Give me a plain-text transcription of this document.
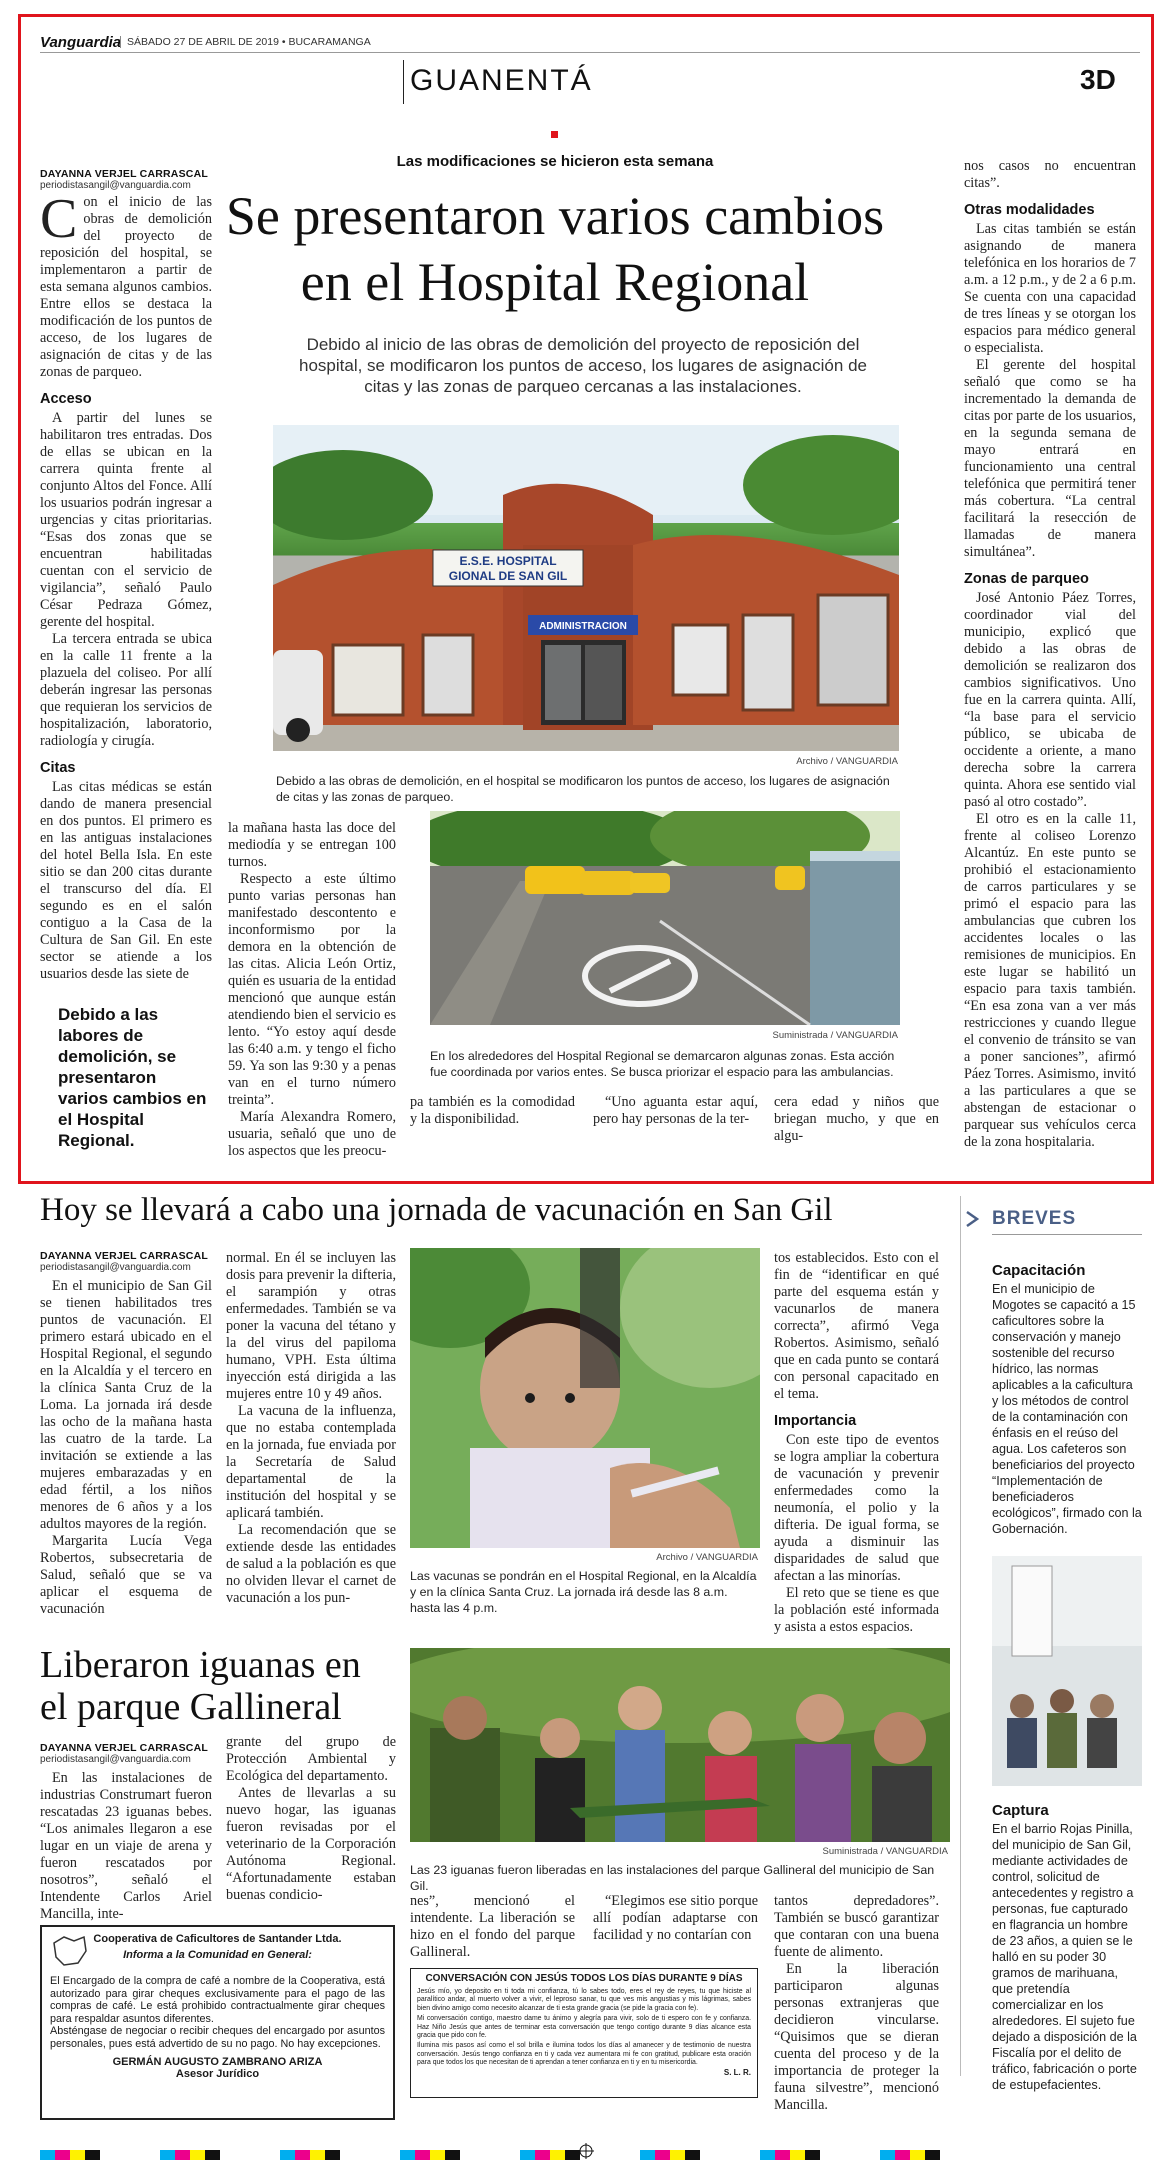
Vanguardia SÁBADO 27 DE ABRIL DE 2019 • BUCARAMANGA
GUANENTÁ	3D
Las modificaciones se hicieron esta semana
Se presentaron varios cambios
en el Hospital Regional
Debido al inicio de las obras de demolición del proyecto de reposición del hospital, se modificaron los puntos de acceso, los lugares de asignación de citas y las zonas de parqueo cercanas a las instalaciones.
DAYANNA VERJEL CARRASCAL
periodistasangil@vanguardia.com

Con el inicio de las obras de demolición del proyecto de reposición del hospital, se implementaron a partir de esta semana algunos cambios. Entre ellos se destaca la modificación de los puntos de acceso, de los lugares de asignación de citas y de las zonas de parqueo.

Acceso

A partir del lunes se habilitaron tres entradas. Dos de ellas se ubican en la carrera quinta frente al conjunto Altos del Fonce. Allí los usuarios podrán ingresar a urgencias y citas prioritarias. “Esas dos zonas que se encuentran habilitadas cuentan con el servicio de vigilancia”, señaló Paulo César Pedraza Gómez, gerente del hospital.

La tercera entrada se ubica en la calle 11 frente a la plazuela del coliseo. Por allí deberán ingresar las personas que requieran los servicios de hospitalización, laboratorio, radiología y cirugía.

Citas

Las citas médicas se están dando de manera presencial en dos puntos. El primero es en las antiguas instalaciones del hotel Bella Isla. En este sitio se dan 200 citas durante el transcurso del día. El segundo es en el salón contiguo a la Casa de la Cultura de San Gil. En este sector se atiende a los usuarios desde las siete de

Debido a las labores de demolición, se presentaron varios cambios en el Hospital Regional.
E.S.E. HOSPITAL
GIONAL DE SAN GIL
ADMINISTRACION
Archivo / VANGUARDIA
Debido a las obras de demolición, en el hospital se modificaron los puntos de acceso, los lugares de asignación de citas y las zonas de parqueo.

la mañana hasta las doce del mediodía y se entregan 100 turnos.

Respecto a este último punto varias personas han manifestado descontento e inconformismo por la demora en la obtención de las citas. Alicia León Ortiz, quién es usuaria de la entidad mencionó que aunque están atendiendo bien el servicio es lento. “Yo estoy aquí desde las 6:40 a.m. y tengo el ficho 59. Ya son las 9:30 y a penas van en el turno número treinta”.

María Alexandra Romero, usuaria, señaló que uno de los aspectos que les preocu-

Suministrada / VANGUARDIA
En los alrededores del Hospital Regional se demarcaron algunas zonas. Esta acción fue coordinada por varios entes. Se busca priorizar el espacio para las ambulancias.

pa también es la comodidad y la disponibilidad.

“Uno aguanta estar aquí, pero hay personas de la ter-

cera edad y niños que briegan mucho, y que en algu-

nos casos no encuentran citas”.

Otras modalidades

Las citas también se están asignando de manera telefónica en los horarios de 7 a.m. a 12 p.m., y de 2 a 6 p.m. Se cuenta con una capacidad de tres líneas y se otorgan los espacios para médico general o especialista.

El gerente del hospital señaló que como se ha incrementado la demanda de citas por parte de los usuarios, en la segunda semana de mayo entrará en funcionamiento una central telefónica que permitirá tener más cobertura. “La central facilitará la resección de llamadas de manera simultánea”.

Zonas de parqueo

José Antonio Páez Torres, coordinador vial del municipio, explicó que debido a las obras de demolición se realizaron dos cambios significativos. Uno fue en la carrera quinta. Allí, “la base para el servicio público, se ubicaba de occidente a oriente, a mano derecha sobre la carrera quinta. Ahora ese sentido vial pasó al otro costado”.

El otro es en la calle 11, frente al coliseo Lorenzo Alcantúz. En este punto se prohibió el estacionamiento de carros particulares y se primó el espacio para las ambulancias que cubren los accidentes locales o las remisiones de municipios. En este lugar se habilitó un espacio para taxis también. “En esa zona van a ver más restricciones y cuando llegue el convenio de tránsito se van a poner sanciones”, afirmó Páez Torres. Asimismo, invitó a las particulares a que se abstengan de estacionar o parquear sus vehículos cerca de la zona hospitalaria.

Hoy se llevará a cabo una jornada de vacunación en San Gil
DAYANNA VERJEL CARRASCAL
periodistasangil@vanguardia.com

En el municipio de San Gil se tienen habilitados tres puntos de vacunación. El primero estará ubicado en el Hospital Regional, el segundo en la Alcaldía y el tercero en la clínica Santa Cruz de la Loma. La jornada irá desde las ocho de la mañana hasta las cuatro de la tarde. La invitación se extiende a las mujeres embarazadas y en edad fértil, a los niños menores de 6 años y a los adultos mayores de la región.

Margarita Lucía Vega Robertos, subsecretaria de Salud, señaló que se va aplicar el esquema de vacunación

normal. En él se incluyen las dosis para prevenir la difteria, el sarampión y otras enfermedades. También se va poner la vacuna del tétano y la del virus del papiloma humano, VPH. Esta última inyección está dirigida a las mujeres entre 10 y 49 años.

La vacuna de la influenza, que no estaba contemplada en la jornada, fue enviada por la Secretaría de Salud departamental de la institución del hospital y se aplicará también.

La recomendación que se extiende desde las entidades de salud a la población es que no olviden llevar el carnet de vacunación a los pun-

Archivo / VANGUARDIA
Las vacunas se pondrán en el Hospital Regional, en la Alcaldía y en la clínica Santa Cruz. La jornada irá desde las 8 a.m. hasta las 4 p.m.

tos establecidos. Esto con el fin de “identificar en qué parte del esquema están y vacunarlos de manera correcta”, afirmó Vega Robertos. Asimismo, señaló que en cada punto se contará con personal capacitado en el tema.

Importancia

Con este tipo de eventos se logra ampliar la cobertura de vacunación y prevenir enfermedades como la neumonía, el polio y la difteria. De igual forma, se ayuda a disminuir las disparidades de salud que afectan a las minorías.

El reto que se tiene es que la población esté informada y asista a estos espacios.

Liberaron iguanas en
el parque Gallineral
DAYANNA VERJEL CARRASCAL
periodistasangil@vanguardia.com

En las instalaciones de industrias Construmart fueron rescatadas 23 iguanas bebes. “Los animales llegaron a ese lugar en un viaje de arena y fueron rescatados por nosotros”, señaló el Intendente Carlos Ariel Mancilla, inte-

grante del grupo de Protección Ambiental y Ecológica del departamento.

Antes de llevarlas a su nuevo hogar, las iguanas fueron revisadas por el veterinario de la Corporación Autónoma Regional. “Afortunadamente estaban buenas condicio-

Suministrada / VANGUARDIA
Las 23 iguanas fueron liberadas en las instalaciones del parque Gallineral del municipio de San Gil.

nes”, mencionó el intendente. La liberación se hizo en el fondo del parque Gallineral.

“Elegimos ese sitio porque allí podían adaptarse con facilidad y no contarían con

tantos depredadores”. También se buscó garantizar que contaran con una buena fuente de alimento.

En la liberación participaron algunas personas extranjeras que decidieron vincularse. “Quisimos que se dieran cuenta del proceso y de la importancia de proteger la fauna silvestre”, mencionó Mancilla.

Cooperativa de Caficultores de Santander Ltda.
Informa a la Comunidad en General:
El Encargado de la compra de café a nombre de la Cooperativa, está autorizado para girar cheques exclusivamente para el pago de las compras de café. Le está prohibido contractualmente girar cheques para respaldar asuntos diferentes.
Absténgase de negociar o recibir cheques del encargado por asuntos personales, pues está advertido de su no pago. No hay excepciones.
GERMÁN AUGUSTO ZAMBRANO ARIZA
Asesor Jurídico
CONVERSACIÓN CON JESÚS TODOS LOS DÍAS DURANTE 9 DÍAS
Jesús mío, yo deposito en ti toda mi confianza, tú lo sabes todo, eres el rey de reyes, tu que hiciste al paralítico andar, al muerto volver a vivir, el leproso sanar, tu que ves mis angustias y mis lágrimas, sabes bien divino amigo como necesito alcanzar de ti esta grande gracia (se pide la gracia con fe).
Mi conversación contigo, maestro dame tu ánimo y alegría para vivir, solo de ti espero con fe y confianza. Haz Niño Jesús que antes de terminar esta conversación que tengo contigo durante 9 días alcance esta gracia que pido con fe.
Ilumina mis pasos así como el sol brilla e ilumina todos los días al amanecer y de testimonio de nuestra conversación. Jesús tengo confianza en ti y cada vez aumentara mi fe con gratitud, publicare esta oración para que todos los que necesitan de ti aprendan a tener confianza en ti y en tu misericordia.
S. L. R.
BREVES
Capacitación
En el municipio de Mogotes se capacitó a 15 caficultores sobre la conservación y manejo sostenible del recurso hídrico, las normas aplicables a la caficultura y los métodos de control de la contaminación con énfasis en el reúso del agua. Los cafeteros son beneficiarios del proyecto “Implementación de beneficiaderos ecológicos”, firmado con la Gobernación.
Captura
En el barrio Rojas Pinilla, del municipio de San Gil, mediante actividades de control, solicitud de antecedentes y registro a personas, fue capturado en flagrancia un hombre de 23 años, a quien se le halló en su poder 30 gramos de marihuana, que pretendía comercializar en los alrededores. El sujeto fue dejado a disposición de la Fiscalía por el delito de tráfico, fabricación o porte de estupefacientes.
